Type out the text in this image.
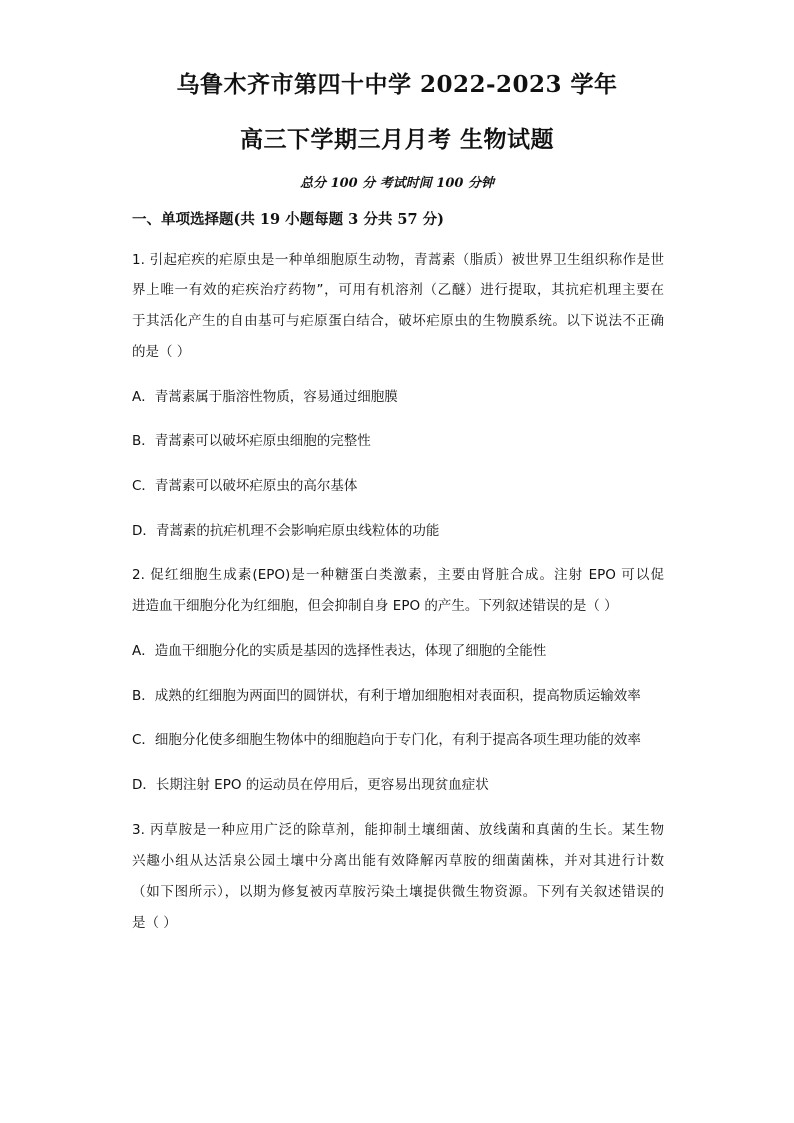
乌鲁木齐市第四十中学 2022-2023 学年
高三下学期三月月考 生物试题
总分 100 分 考试时间 100 分钟
一、单项选择题(共 19 小题每题 3 分共 57 分)
1. 引起疟疾的疟原虫是一种单细胞原生动物，青蒿素（脂质）被世界卫生组织称作是世
界上唯一有效的疟疾治疗药物”，可用有机溶剂（乙醚）进行提取，其抗疟机理主要在
于其活化产生的自由基可与疟原蛋白结合，破坏疟原虫的生物膜系统。以下说法不正确
的是（ ）
A．青蒿素属于脂溶性物质，容易通过细胞膜
B．青蒿素可以破坏疟原虫细胞的完整性
C．青蒿素可以破坏疟原虫的高尔基体
D．青蒿素的抗疟机理不会影响疟原虫线粒体的功能
2. 促红细胞生成素(EPO)是一种糖蛋白类激素，主要由肾脏合成。注射 EPO 可以促
进造血干细胞分化为红细胞，但会抑制自身 EPO 的产生。下列叙述错误的是（ ）
A．造血干细胞分化的实质是基因的选择性表达，体现了细胞的全能性
B．成熟的红细胞为两面凹的圆饼状，有利于增加细胞相对表面积，提高物质运输效率
C．细胞分化使多细胞生物体中的细胞趋向于专门化，有利于提高各项生理功能的效率
D．长期注射 EPO 的运动员在停用后，更容易出现贫血症状
3. 丙草胺是一种应用广泛的除草剂，能抑制土壤细菌、放线菌和真菌的生长。某生物
兴趣小组从达活泉公园土壤中分离出能有效降解丙草胺的细菌菌株，并对其进行计数
（如下图所示），以期为修复被丙草胺污染土壤提供微生物资源。下列有关叙述错误的
是（ ）
